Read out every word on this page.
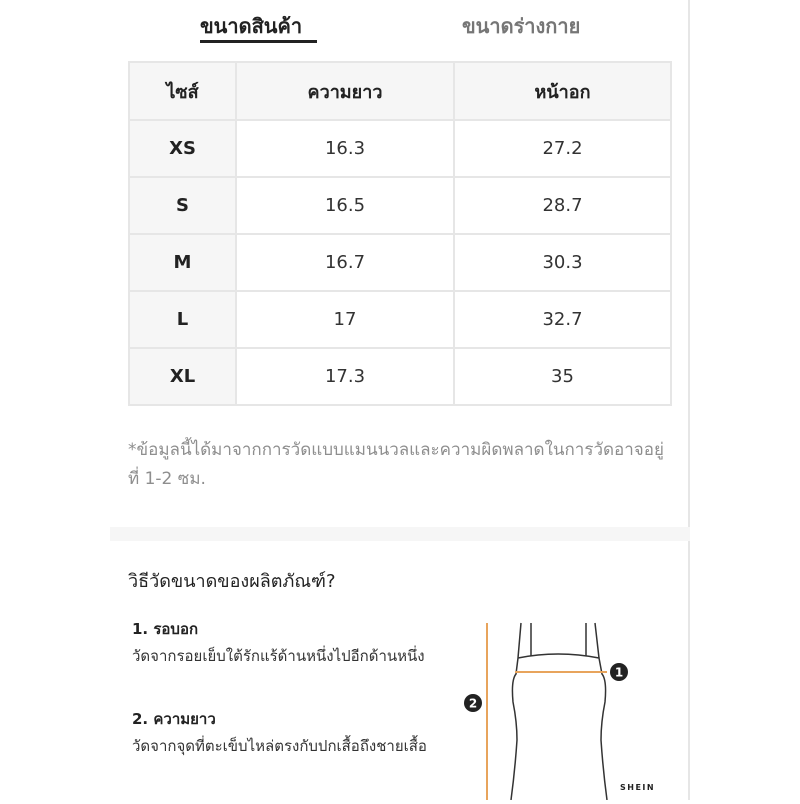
ขนาดสินค้า	ขนาดร่างกาย
ไซส์	ความยาว	หน้าอก
XS	16.3	27.2
S	16.5	28.7
M	16.7	30.3
L	17	32.7
XL	17.3	35
*ข้อมูลนี้ได้มาจากการวัดแบบแมนนวลและความผิดพลาดในการวัดอาจอยู่ที่ 1-2 ซม.
วิธีวัดขนาดของผลิตภัณฑ์?
1. รอบอก
วัดจากรอยเย็บใต้รักแร้ด้านหนึ่งไปอีกด้านหนึ่ง
2. ความยาว
วัดจากจุดที่ตะเข็บไหล่ตรงกับปกเสื้อถึงชายเสื้อ
1
2
SHEIN
